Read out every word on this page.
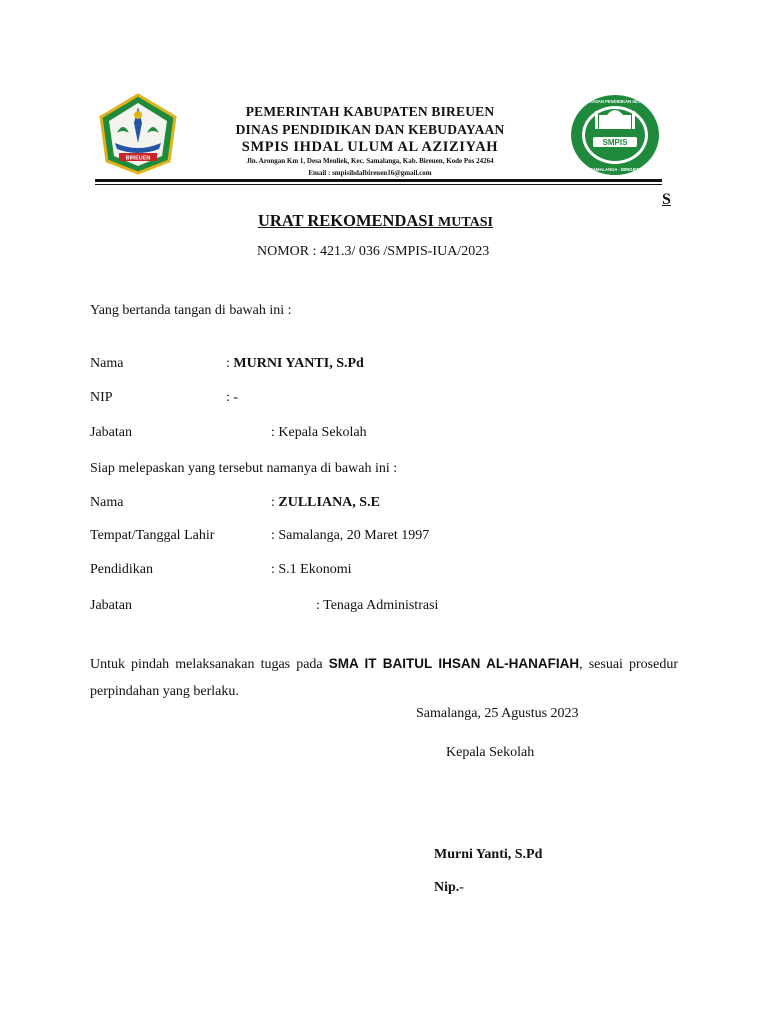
BIREUEN
PEMERINTAH KABUPATEN BIREUEN
DINAS PENDIDIKAN DAN KEBUDAYAAN
SMPIS IHDAL ULUM AL AZIZIYAH
Jln. Arongan Km 1, Desa Meuliek, Kec. Samalanga, Kab. Bireuen, Kode Pos 24264
Email : smpisihdalbireuen16@gmail.com
SMPIS
YAYASAN PENDIDIKAN ISLAM
SAMALANGA - BIREUEN
S
URAT REKOMENDASI MUTASI
NOMOR : 421.3/ 036 /SMPIS-IUA/2023
Yang bertanda tangan di bawah ini :
Nama	: MURNI YANTI, S.Pd
NIP	: -
Jabatan	: Kepala Sekolah
Siap melepaskan yang tersebut namanya di bawah ini :
Nama	: ZULLIANA, S.E
Tempat/Tanggal Lahir	: Samalanga, 20 Maret 1997
Pendidikan	: S.1 Ekonomi
Jabatan	: Tenaga Administrasi
Untuk pindah melaksanakan tugas pada SMA IT BAITUL IHSAN AL-HANAFIAH, sesuai prosedur perpindahan yang berlaku.
Samalanga, 25 Agustus 2023
Kepala Sekolah
Murni Yanti, S.Pd
Nip.-
